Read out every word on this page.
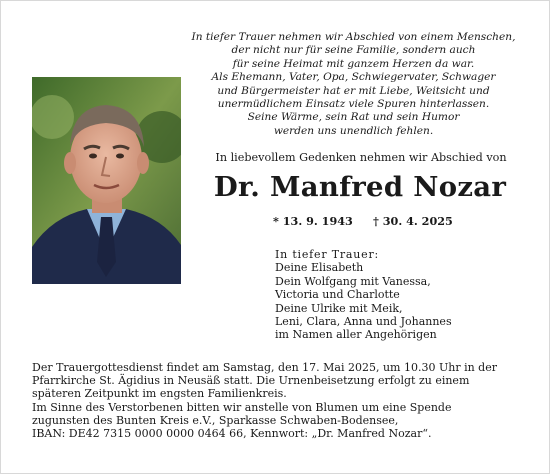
In tiefer Trauer nehmen wir Abschied von einem Menschen,
der nicht nur für seine Familie, sondern auch
für seine Heimat mit ganzem Herzen da war.
Als Ehemann, Vater, Opa, Schwiegervater, Schwager
und Bürgermeister hat er mit Liebe, Weitsicht und
unermüdlichem Einsatz viele Spuren hinterlassen.
Seine Wärme, sein Rat und sein Humor
werden uns unendlich fehlen.
In liebevollem Gedenken nehmen wir Abschied von
Dr. Manfred Nozar
* 13. 9. 1943 † 30. 4. 2025
In tiefer Trauer:
Deine Elisabeth
Dein Wolfgang mit Vanessa,
Victoria und Charlotte
Deine Ulrike mit Meik,
Leni, Clara, Anna und Johannes
im Namen aller Angehörigen
Der Trauergottesdienst findet am Samstag, den 17. Mai 2025, um 10.30 Uhr in der
Pfarrkirche St. Ägidius in Neusäß statt. Die Urnenbeisetzung erfolgt zu einem
späteren Zeitpunkt im engsten Familienkreis.
Im Sinne des Verstorbenen bitten wir anstelle von Blumen um eine Spende
zugunsten des Bunten Kreis e.V., Sparkasse Schwaben-Bodensee,
IBAN: DE42 7315 0000 0000 0464 66, Kennwort: „Dr. Manfred Nozar“.
